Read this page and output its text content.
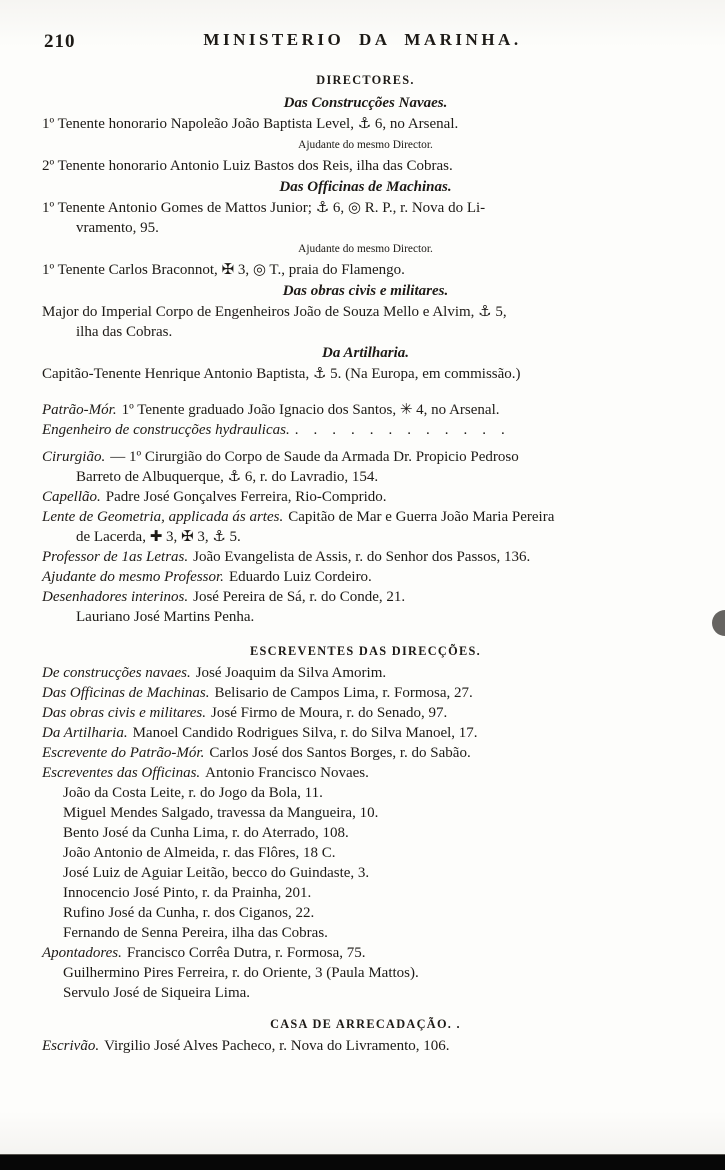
210	MINISTERIO DA MARINHA.
DIRECTORES.
Das Construcções Navaes.
1º Tenente honorario Napoleão João Baptista Level, ⚓ 6, no Arsenal.
Ajudante do mesmo Director.
2º Tenente honorario Antonio Luiz Bastos dos Reis, ilha das Cobras.
Das Officinas de Machinas.
1º Tenente Antonio Gomes de Mattos Junior; ⚓ 6, ◎ R. P., r. Nova do Li-
vramento, 95.
Ajudante do mesmo Director.
1º Tenente Carlos Braconnot, ✠ 3, ◎ T., praia do Flamengo.
Das obras civis e militares.
Major do Imperial Corpo de Engenheiros João de Souza Mello e Alvim, ⚓ 5,
ilha das Cobras.
Da Artilharia.
Capitão-Tenente Henrique Antonio Baptista, ⚓ 5. (Na Europa, em commissão.)
Patrão-Mór. 1º Tenente graduado João Ignacio dos Santos, ✳ 4, no Arsenal.
Engenheiro de construcções hydraulicas. . . . . . . . . . . . .
Cirurgião. — 1º Cirurgião do Corpo de Saude da Armada Dr. Propicio Pedroso
Barreto de Albuquerque, ⚓ 6, r. do Lavradio, 154.
Capellão. Padre José Gonçalves Ferreira, Rio-Comprido.
Lente de Geometria, applicada ás artes. Capitão de Mar e Guerra João Maria Pereira
de Lacerda, ✚ 3, ✠ 3, ⚓ 5.
Professor de 1as Letras. João Evangelista de Assis, r. do Senhor dos Passos, 136.
Ajudante do mesmo Professor. Eduardo Luiz Cordeiro.
Desenhadores interinos. José Pereira de Sá, r. do Conde, 21.
Lauriano José Martins Penha.
ESCREVENTES DAS DIRECÇÕES.
De construcções navaes. José Joaquim da Silva Amorim.
Das Officinas de Machinas. Belisario de Campos Lima, r. Formosa, 27.
Das obras civis e militares. José Firmo de Moura, r. do Senado, 97.
Da Artilharia. Manoel Candido Rodrigues Silva, r. do Silva Manoel, 17.
Escrevente do Patrão-Mór. Carlos José dos Santos Borges, r. do Sabão.
Escreventes das Officinas. Antonio Francisco Novaes.
João da Costa Leite, r. do Jogo da Bola, 11.
Miguel Mendes Salgado, travessa da Mangueira, 10.
Bento José da Cunha Lima, r. do Aterrado, 108.
João Antonio de Almeida, r. das Flôres, 18 C.
José Luiz de Aguiar Leitão, becco do Guindaste, 3.
Innocencio José Pinto, r. da Prainha, 201.
Rufino José da Cunha, r. dos Ciganos, 22.
Fernando de Senna Pereira, ilha das Cobras.
Apontadores. Francisco Corrêa Dutra, r. Formosa, 75.
Guilhermino Pires Ferreira, r. do Oriente, 3 (Paula Mattos).
Servulo José de Siqueira Lima.
CASA DE ARRECADAÇÃO. .
Escrivão. Virgilio José Alves Pacheco, r. Nova do Livramento, 106.
